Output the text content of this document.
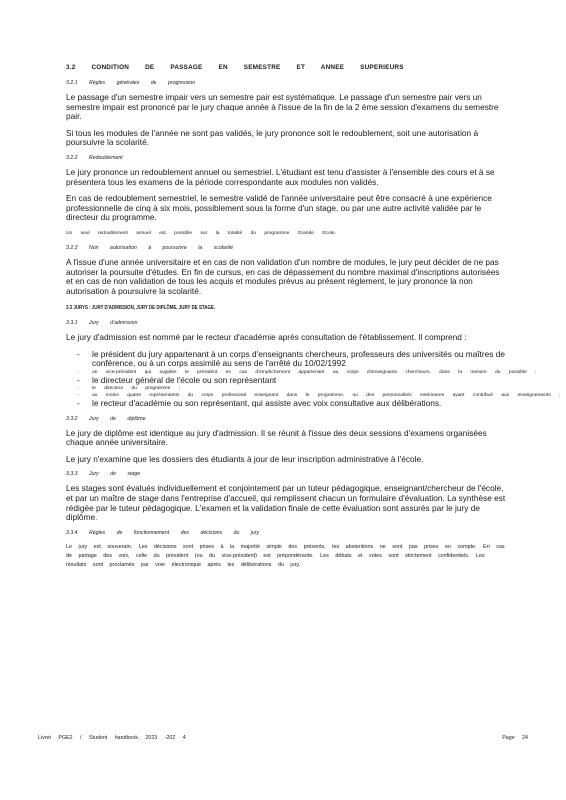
3.2 CONDITION DE PASSAGE EN SEMESTRE ET ANNEE SUPERIEURS
3.2.1 Règles générales de progression

Le passage d'un semestre impair vers un semestre pair est systématique. Le passage d'un semestre pair vers un semestre impair est prononcé par le jury chaque année à l'issue de la fin de la 2 ème session d'examens du semestre pair.

Si tous les modules de l'année ne sont pas validés, le jury prononce soit le redoublement, soit une autorisation à poursuivre la scolarité.

3.2.2 Redoublement

Le jury prononce un redoublement annuel ou semestriel. L'étudiant est tenu d'assister à l'ensemble des cours et à se présentera tous les examens de la période correspondante aux modules non validés.

En cas de redoublement semestriel, le semestre validé de l'année universitaire peut être consacré à une expérience professionnelle de cinq à six mois, possiblement sous la forme d'un stage, ou par une autre activité validée par le directeur du programme.

Un seul redoublement annuel est possible sur la totalité du programme Grande Ecole.

3.2.3 Non autorisation à poursuivre la scolarité

A l'issue d'une année universitaire et en cas de non validation d'un nombre de modules, le jury peut décider de ne pas autoriser la poursuite d'études. En fin de cursus, en cas de dépassement du nombre maximal d'inscriptions autorisées et en cas de non validation de tous les acquis et modules prévus au présent règlement, le jury prononce la non autorisation à poursuivre la scolarité.

3.3 JURYS : JURY D'ADMISSION, JURY DE DIPLÔME, JURY DE STAGE.
3.3.1 Jury d'admission

Le jury d'admission est nommé par le recteur d'académie après consultation de l'établissement. Il comprend :

- le président du jury appartenant à un corps d'enseignants chercheurs, professeurs des universités ou maîtres de conférence, ou à un corps assimilé au sens de l'arrêté du 10/02/1992
- un vice-président qui supplée le président en cas d'empêchement appartenant au corps d'enseignants chercheurs, dans la mesure du possible ;
- le directeur général de l'école ou son représentant
- le directeur du programme ;
- au moins quatre représentants du corps professoral enseignant dans le programme, ou des personnalités extérieures ayant contribué aux enseignements ;
- le recteur d'académie ou son représentant, qui assiste avec voix consultative aux délibérations.
3.3.2 Jury de diplôme

Le jury de diplôme est identique au jury d'admission. Il se réunit à l'issue des deux sessions d'examens organisées chaque année universitaire.

Le jury n'examine que les dossiers des étudiants à jour de leur inscription administrative à l'école.

3.3.3 Jury de stage

Les stages sont évalués individuellement et conjointement par un tuteur pédagogique, enseignant/chercheur de l'école, et par un maître de stage dans l'entreprise d'accueil, qui remplissent chacun un formulaire d'évaluation. La synthèse est rédigée par le tuteur pédagogique. L'examen et la validation finale de cette évaluation sont assurés par le jury de diplôme.

3.3.4 Règles de fonctionnement des décisions du jury

Le jury est souverain. Les décisions sont prises à la majorité simple des présents, les abstentions ne sont pas prises en compte. En cas de partage des voix, celle du président (ou du vice-président) est prépondérante. Les débats et votes sont strictement confidentiels. Les résultats sont proclamés par voie électronique après les délibérations du jury.

Livret PGE2 / Student handbook 2023 -202 4	Page 24
